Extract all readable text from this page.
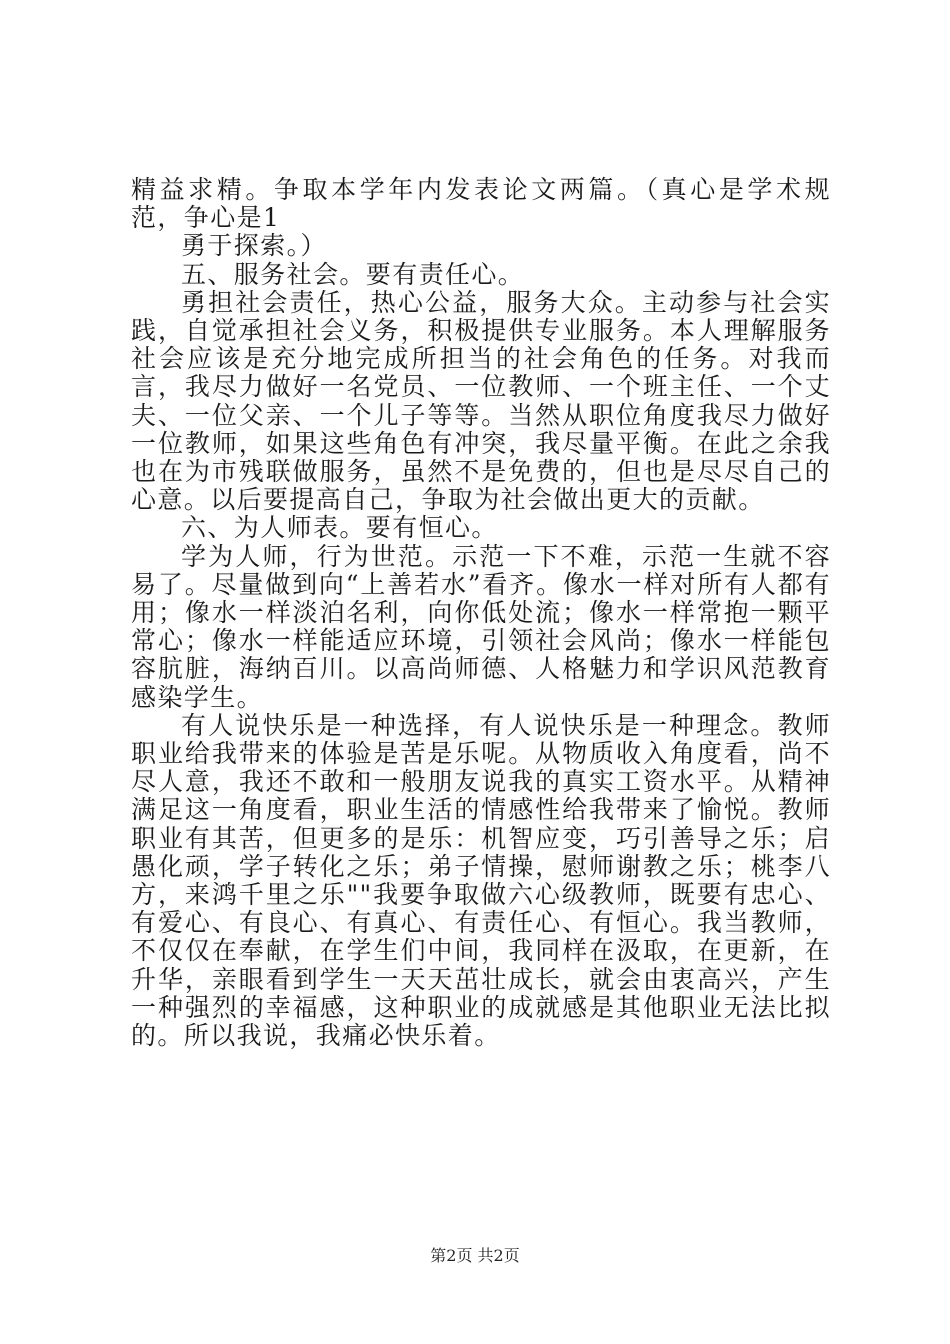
精益求精。争取本学年内发表论文两篇。（真心是学术规范，争心是1

勇于探索。）

五、服务社会。要有责任心。

勇担社会责任，热心公益，服务大众。主动参与社会实践，自觉承担社会义务，积极提供专业服务。本人理解服务社会应该是充分地完成所担当的社会角色的任务。对我而言，我尽力做好一名党员、一位教师、一个班主任、一个丈夫、一位父亲、一个儿子等等。当然从职位角度我尽力做好一位教师，如果这些角色有冲突，我尽量平衡。在此之余我也在为市残联做服务，虽然不是免费的，但也是尽尽自己的心意。以后要提高自己，争取为社会做出更大的贡献。

六、为人师表。要有恒心。

学为人师，行为世范。示范一下不难，示范一生就不容易了。尽量做到向“上善若水”看齐。像水一样对所有人都有用；像水一样淡泊名利，向你低处流；像水一样常抱一颗平常心；像水一样能适应环境，引领社会风尚；像水一样能包容肮脏，海纳百川。以高尚师德、人格魅力和学识风范教育感染学生。

有人说快乐是一种选择，有人说快乐是一种理念。教师职业给我带来的体验是苦是乐呢。从物质收入角度看，尚不尽人意，我还不敢和一般朋友说我的真实工资水平。从精神满足这一角度看，职业生活的情感性给我带来了愉悦。教师职业有其苦，但更多的是乐：机智应变，巧引善导之乐；启愚化顽，学子转化之乐；弟子情操，慰师谢教之乐；桃李八方，来鸿千里之乐""我要争取做六心级教师，既要有忠心、有爱心、有良心、有真心、有责任心、有恒心。我当教师，不仅仅在奉献，在学生们中间，我同样在汲取，在更新，在升华，亲眼看到学生一天天茁壮成长，就会由衷高兴，产生一种强烈的幸福感，这种职业的成就感是其他职业无法比拟的。所以我说，我痛必快乐着。

第2页 共2页
